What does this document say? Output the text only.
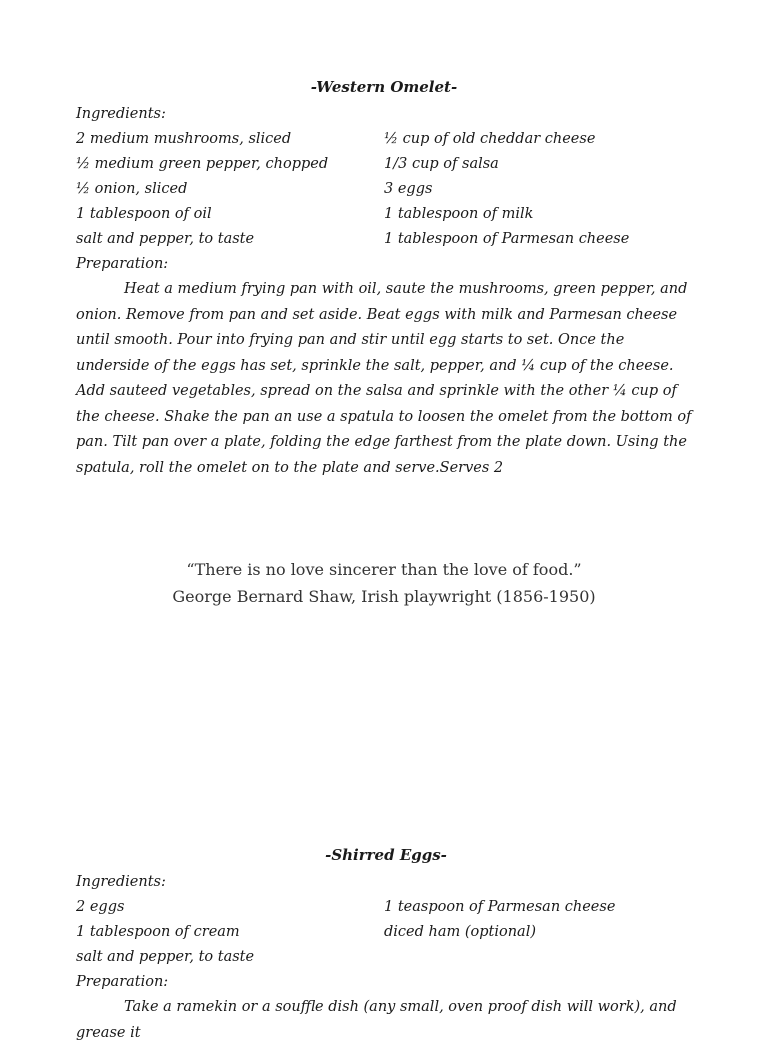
-Western Omelet-
Ingredients:
2 medium mushrooms, sliced
½ medium green pepper, chopped
½ onion, sliced
1 tablespoon of oil
salt and pepper, to taste
½ cup of old cheddar cheese
1/3 cup of salsa
3 eggs
1 tablespoon of milk
1 tablespoon of Parmesan cheese
Preparation:

Heat a medium frying pan with oil, saute the mushrooms, green pepper, and onion. Remove from pan and set aside. Beat eggs with milk and Parmesan cheese until smooth. Pour into frying pan and stir until egg starts to set. Once the underside of the eggs has set, sprinkle the salt, pepper, and ¼ cup of the cheese. Add sauteed vegetables, spread on the salsa and sprinkle with the other ¼ cup of the cheese. Shake the pan an use a spatula to loosen the omelet from the bottom of pan. Tilt pan over a plate, folding the edge farthest from the plate down. Using the spatula, roll the omelet on to the plate and serve.Serves 2

“There is no love sincerer than the love of food.”
George Bernard Shaw, Irish playwright (1856-1950)
-Shirred Eggs-
Ingredients:
2 eggs
1 tablespoon of cream
salt and pepper, to taste
1 teaspoon of Parmesan cheese
diced ham (optional)
Preparation:

Take a ramekin or a souffle dish (any small, oven proof dish will work), and grease it
